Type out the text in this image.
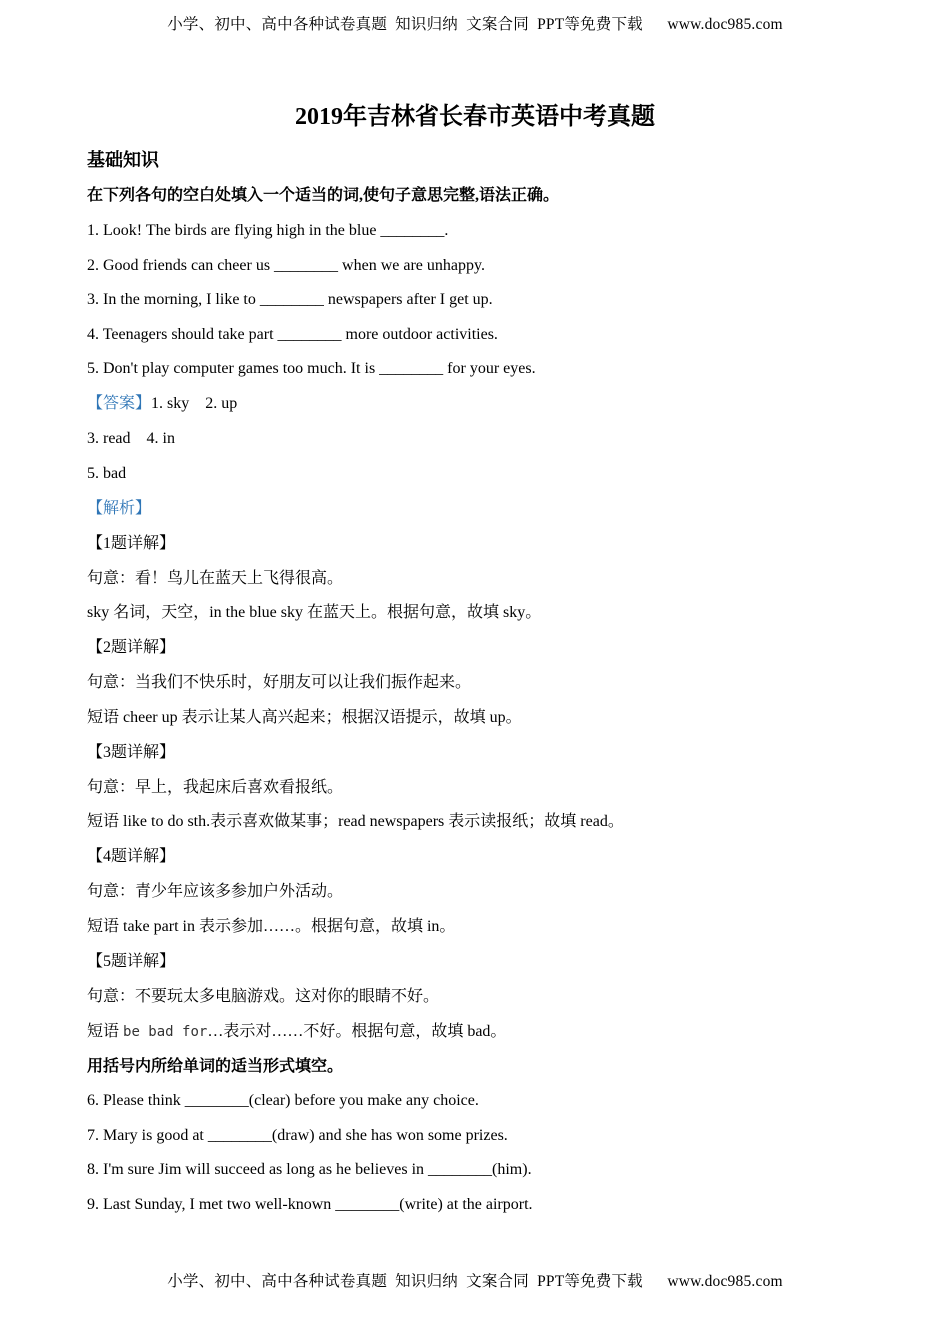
小学、初中、高中各种试卷真题  知识归纳  文案合同  PPT等免费下载      www.doc985.com
2019年吉林省长春市英语中考真题
基础知识
在下列各句的空白处填入一个适当的词,使句子意思完整,语法正确。
1. Look! The birds are flying high in the blue ________.
2. Good friends can cheer us ________ when we are unhappy.
3. In the morning, I like to ________ newspapers after I get up.
4. Teenagers should take part ________ more outdoor activities.
5. Don't play computer games too much. It is ________ for your eyes.
【答案】1. sky    2. up
3. read    4. in
5. bad
【解析】
【1题详解】
句意：看！鸟儿在蓝天上飞得很高。
sky 名词，天空，in the blue sky 在蓝天上。根据句意，故填 sky。
【2题详解】
句意：当我们不快乐时，好朋友可以让我们振作起来。
短语 cheer up 表示让某人高兴起来；根据汉语提示，故填 up。
【3题详解】
句意：早上，我起床后喜欢看报纸。
短语 like to do sth.表示喜欢做某事；read newspapers 表示读报纸；故填 read。
【4题详解】
句意：青少年应该多参加户外活动。
短语 take part in 表示参加……。根据句意，故填 in。
【5题详解】
句意：不要玩太多电脑游戏。这对你的眼睛不好。
短语 be bad for…表示对……不好。根据句意，故填 bad。
用括号内所给单词的适当形式填空。
6. Please think ________(clear) before you make any choice.
7. Mary is good at ________(draw) and she has won some prizes.
8. I'm sure Jim will succeed as long as he believes in ________(him).
9. Last Sunday, I met two well-known ________(write) at the airport.
小学、初中、高中各种试卷真题  知识归纳  文案合同  PPT等免费下载      www.doc985.com
